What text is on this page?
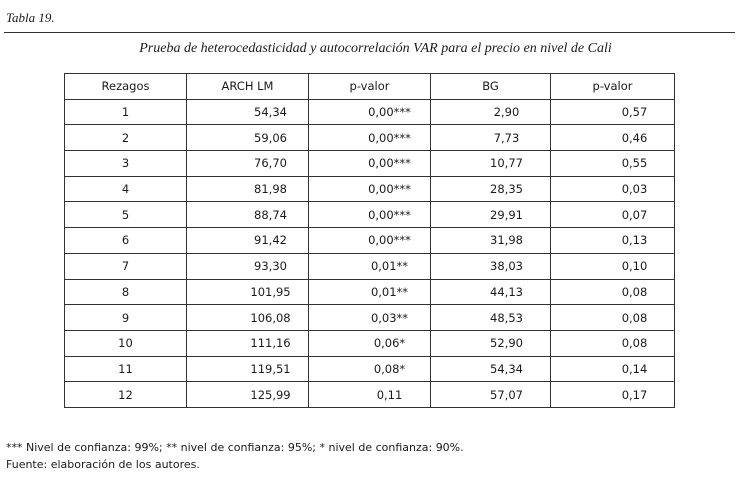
Tabla 19.
Prueba de heterocedasticidad y autocorrelación VAR para el precio en nivel de Cali
Rezagos	ARCH LM	p-valor	BG	p-valor
1	54,34	0,00***	2,90	0,57
2	59,06	0,00***	7,73	0,46
3	76,70	0,00***	10,77	0,55
4	81,98	0,00***	28,35	0,03
5	88,74	0,00***	29,91	0,07
6	91,42	0,00***	31,98	0,13
7	93,30	0,01**	38,03	0,10
8	101,95	0,01**	44,13	0,08
9	106,08	0,03**	48,53	0,08
10	111,16	0,06*	52,90	0,08
11	119,51	0,08*	54,34	0,14
12	125,99	0,11	57,07	0,17
*** Nivel de confianza: 99%; ** nivel de confianza: 95%; * nivel de confianza: 90%.
Fuente: elaboración de los autores.
